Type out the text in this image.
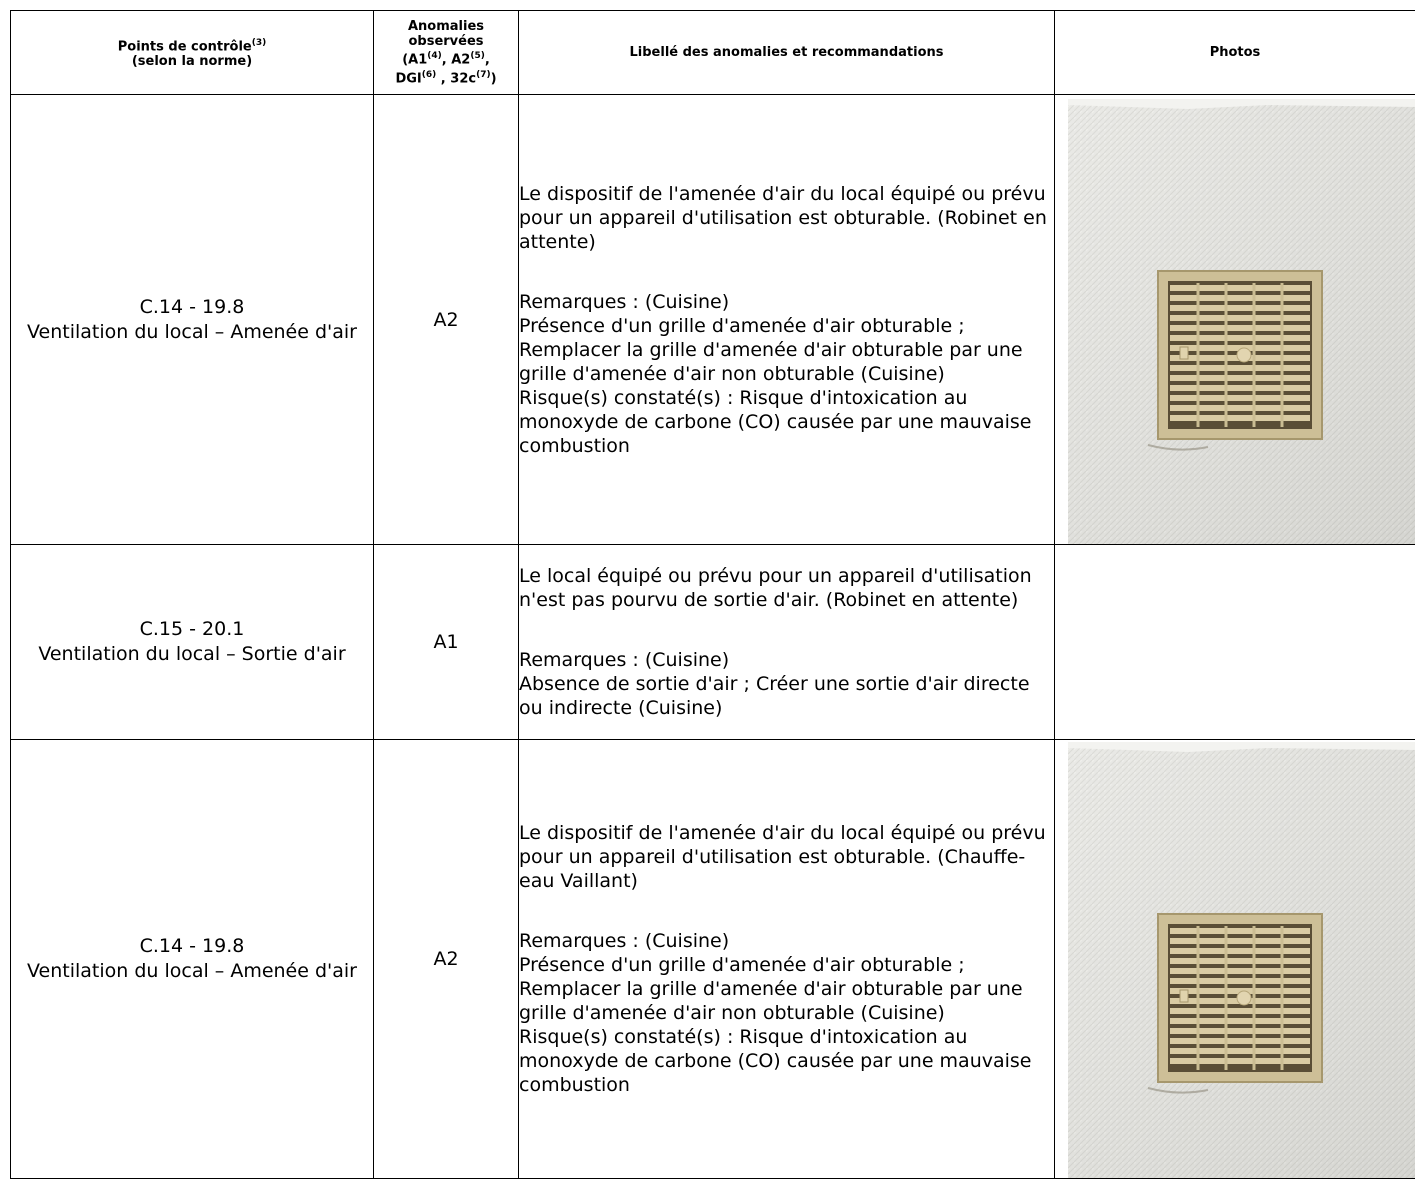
Points de contrôle$^{(3)}$
(selon la norme)	Anomalies
observées
(A1$^{(4)}$, A2$^{(5)}$,
DGI$^{(6)}$ , $32c^{(7)}$)	Libellé des anomalies et recommandations	Photos

C.14 - 19.8
Ventilation du local – Amenée d'air	A2	Le dispositif de l'amenée d'air du local équipé ou prévu pour un appareil d'utilisation est obturable. (Robinet en attente)
Remarques : (Cuisine)
Présence d'un grille d'amenée d'air obturable ; Remplacer la grille d'amenée d'air obturable par une grille d'amenée d'air non obturable (Cuisine)
Risque(s) constaté(s) : Risque d'intoxication au monoxyde de carbone (CO) causée par une mauvaise combustion

C.15 - 20.1
Ventilation du local – Sortie d'air	A1	Le local équipé ou prévu pour un appareil d'utilisation n'est pas pourvu de sortie d'air. (Robinet en attente)
Remarques : (Cuisine)
Absence de sortie d'air ; Créer une sortie d'air directe ou indirecte (Cuisine)	

C.14 - 19.8
Ventilation du local – Amenée d'air	A2	Le dispositif de l'amenée d'air du local équipé ou prévu pour un appareil d'utilisation est obturable. (Chauffe-eau Vaillant)
Remarques : (Cuisine)
Présence d'un grille d'amenée d'air obturable ; Remplacer la grille d'amenée d'air obturable par une grille d'amenée d'air non obturable (Cuisine)
Risque(s) constaté(s) : Risque d'intoxication au monoxyde de carbone (CO) causée par une mauvaise combustion
